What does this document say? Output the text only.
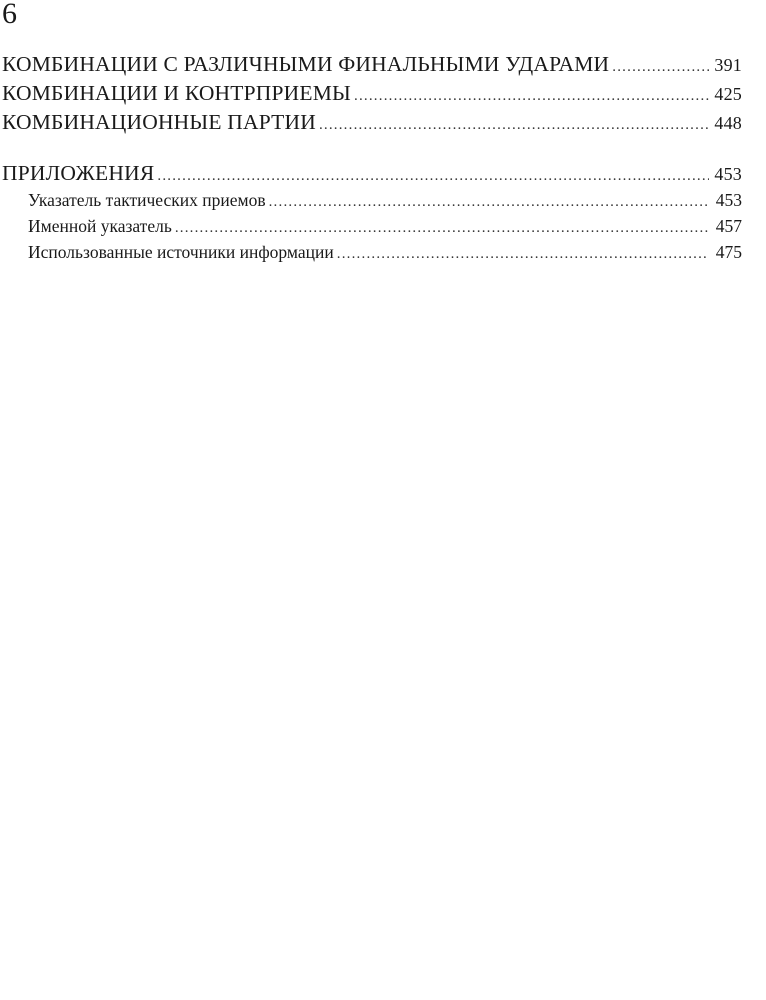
6
КОМБИНАЦИИ С РАЗЛИЧНЫМИ ФИНАЛЬНЫМИ УДАРАМИ .....	391
КОМБИНАЦИИ И КОНТРПРИЕМЫ .....	425
КОМБИНАЦИОННЫЕ ПАРТИИ .....	448
ПРИЛОЖЕНИЯ .....	453
Указатель тактических приемов .....	453
Именной указатель .....	457
Использованные источники информации .....	475
